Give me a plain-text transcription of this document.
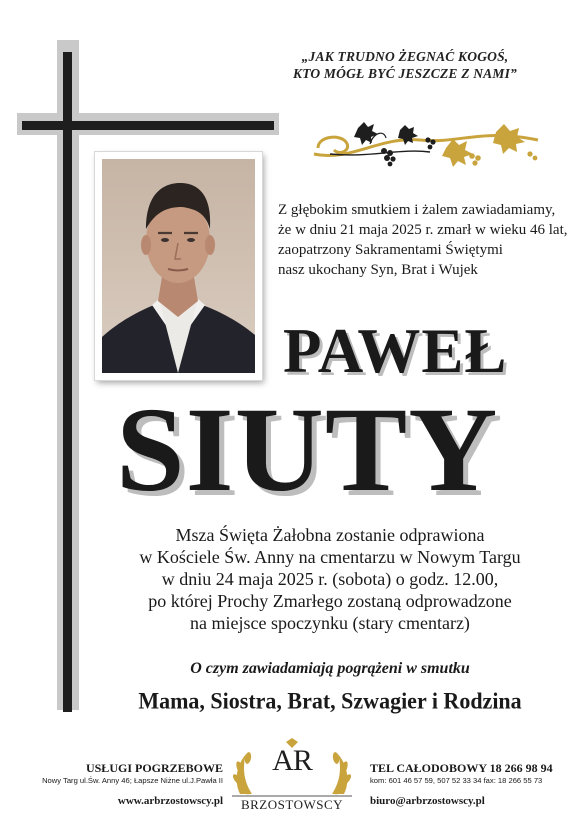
„JAK TRUDNO ŻEGNAĆ KOGOŚ,
KTO MÓGŁ BYĆ JESZCZE Z NAMI”
Z głębokim smutkiem i żalem zawiadamiamy,
że w dniu 21 maja 2025 r. zmarł w wieku 46 lat,
zaopatrzony Sakramentami Świętymi
nasz ukochany Syn, Brat i Wujek
PAWEŁ
SIUTY
Msza Święta Żałobna zostanie odprawiona
w Kościele Św. Anny na cmentarzu w Nowym Targu
w dniu 24 maja 2025 r. (sobota) o godz. 12.00,
po której Prochy Zmarłego zostaną odprowadzone
na miejsce spoczynku (stary cmentarz)
O czym zawiadamiają pogrążeni w smutku
Mama, Siostra, Brat, Szwagier i Rodzina
USŁUGI POGRZEBOWE
Nowy Targ ul.Św. Anny 46; Łapsze Niżne ul.J.Pawła II
www.arbrzostowscy.pl
AR
BRZOSTOWSCY
TEL CAŁODOBOWY 18 266 98 94
kom: 601 46 57 59, 507 52 33 34 fax: 18 266 55 73
biuro@arbrzostowscy.pl
